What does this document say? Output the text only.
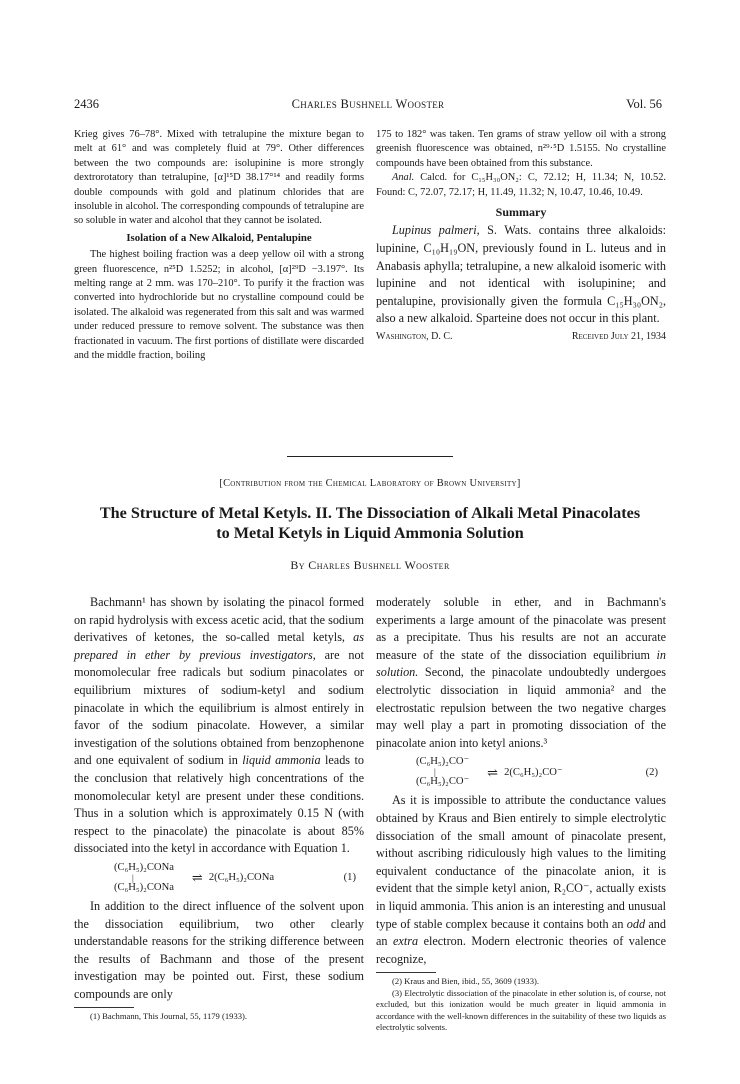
2436	Charles Bushnell Wooster	Vol. 56

Krieg gives 76–78°. Mixed with tetralupine the mixture began to melt at 61° and was completely fluid at 79°. Other differences between the two compounds are: isolupinine is more strongly dextrorotatory than tetralupine, [α]¹⁵D 38.17°¹⁴ and readily forms double compounds with gold and platinum chlorides that are insoluble in alcohol. The corresponding compounds of tetralupine are so soluble in water and alcohol that they cannot be isolated.

Isolation of a New Alkaloid, Pentalupine

The highest boiling fraction was a deep yellow oil with a strong green fluorescence, n²⁵D 1.5252; in alcohol, [α]²⁹D −3.197°. Its melting range at 2 mm. was 170–210°. To purify it the fraction was converted into hydrochloride but no crystalline compound could be isolated. The alkaloid was regenerated from this salt and was warmed under reduced pressure to remove solvent. The substance was then fractionated in vacuum. The first portions of distillate were discarded and the middle fraction, boiling

175 to 182° was taken. Ten grams of straw yellow oil with a strong greenish fluorescence was obtained, n²⁹·⁵D 1.5155. No crystalline compounds have been obtained from this substance.

Anal. Calcd. for C₁₅H₃₀ON₂: C, 72.12; H, 11.34; N, 10.52. Found: C, 72.07, 72.17; H, 11.49, 11.32; N, 10.47, 10.46, 10.49.

Summary

Lupinus palmeri, S. Wats. contains three alkaloids: lupinine, C₁₀H₁₉ON, previously found in L. luteus and in Anabasis aphylla; tetralupine, a new alkaloid isomeric with lupinine and not identical with isolupinine; and pentalupine, provisionally given the formula C₁₅H₃₀ON₂, also a new alkaloid. Sparteine does not occur in this plant.

Washington, D. C.	Received July 21, 1934
[Contribution from the Chemical Laboratory of Brown University]
The Structure of Metal Ketyls. II. The Dissociation of Alkali Metal Pinacolates
to Metal Ketyls in Liquid Ammonia Solution
By Charles Bushnell Wooster

Bachmann¹ has shown by isolating the pinacol formed on rapid hydrolysis with excess acetic acid, that the sodium derivatives of ketones, the so-called metal ketyls, as prepared in ether by previous investigators, are not monomolecular free radicals but sodium pinacolates or equilibrium mixtures of sodium-ketyl and sodium pinacolate in which the equilibrium is almost entirely in favor of the sodium pinacolate. However, a similar investigation of the solutions obtained from benzophenone and one equivalent of sodium in liquid ammonia leads to the conclusion that relatively high concentrations of the monomolecular ketyl are present under these conditions. Thus in a solution which is approximately 0.15 N (with respect to the pinacolate) the pinacolate is about 85% dissociated into the ketyl in accordance with Equation 1.

(C₆H₅)₂CONa
|
(C₆H₅)₂CONa
⇌ 2(C₆H₅)₂CONa	(1)

In addition to the direct influence of the solvent upon the dissociation equilibrium, two other clearly understandable reasons for the striking difference between the results of Bachmann and those of the present investigation may be pointed out. First, these sodium compounds are only

(1) Bachmann, This Journal, 55, 1179 (1933).

moderately soluble in ether, and in Bachmann's experiments a large amount of the pinacolate was present as a precipitate. Thus his results are not an accurate measure of the state of the dissociation equilibrium in solution. Second, the pinacolate undoubtedly undergoes electrolytic dissociation in liquid ammonia² and the electrostatic repulsion between the two negative charges may well play a part in promoting dissociation of the pinacolate anion into ketyl anions.³

(C₆H₅)₂CO⁻
|
(C₆H₅)₂CO⁻
⇌ 2(C₆H₅)₂CO⁻	(2)

As it is impossible to attribute the conductance values obtained by Kraus and Bien entirely to simple electrolytic dissociation of the small amount of pinacolate present, without ascribing ridiculously high values to the limiting equivalent conductance of the pinacolate anion, it is evident that the simple ketyl anion, R₂CO⁻, actually exists in liquid ammonia. This anion is an interesting and unusual type of stable complex because it contains both an odd and an extra electron. Modern electronic theories of valence recognize,

(2) Kraus and Bien, ibid., 55, 3609 (1933).

(3) Electrolytic dissociation of the pinacolate in ether solution is, of course, not excluded, but this ionization would be much greater in liquid ammonia in accordance with the well-known differences in the suitability of these two liquids as electrolytic solvents.
